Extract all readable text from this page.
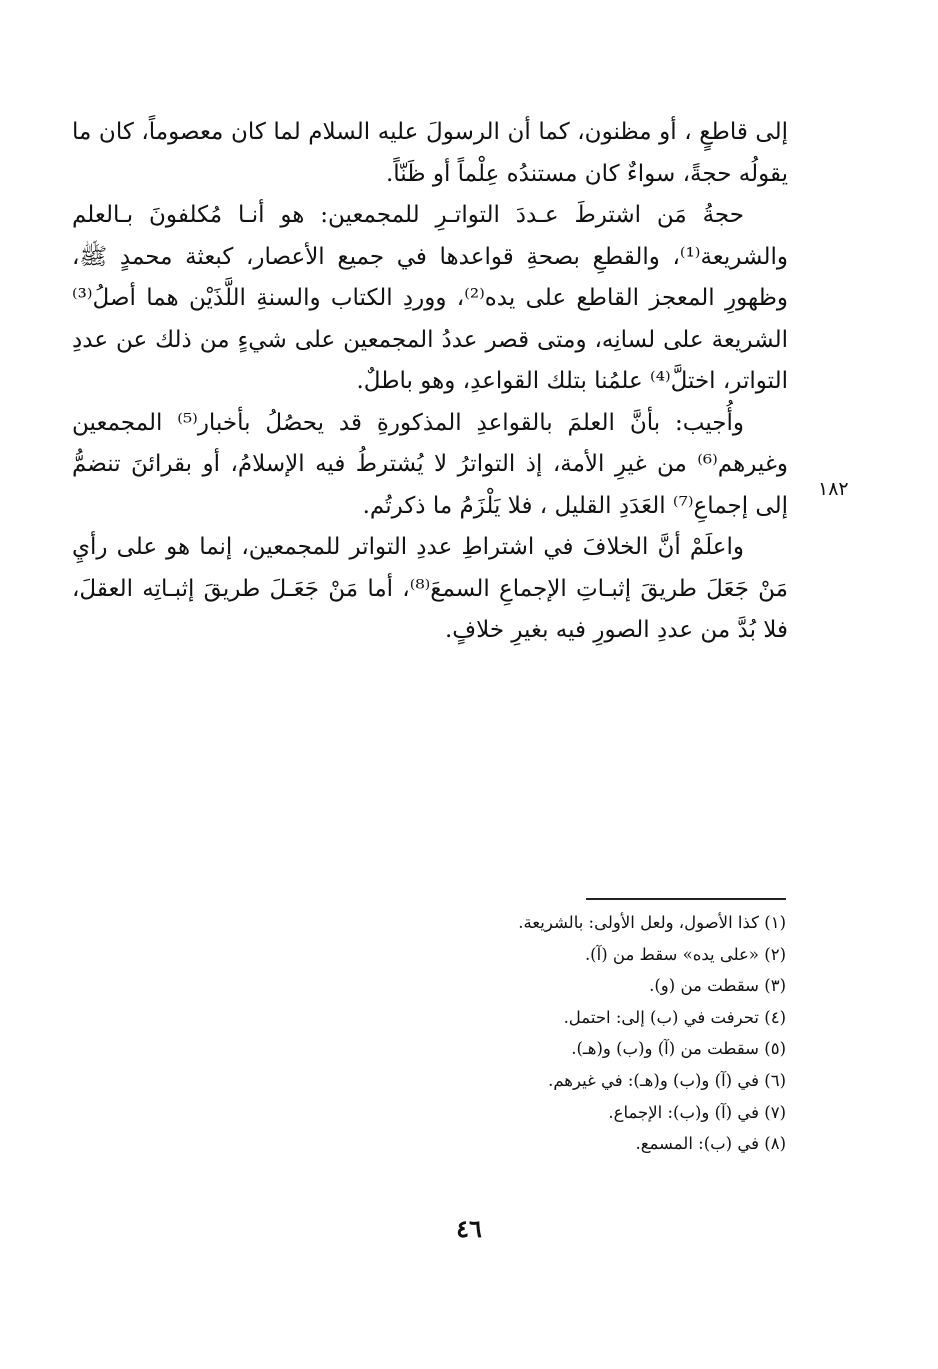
إلى قاطعٍ ، أو مظنون، كما أن الرسولَ عليه السلام لما كان معصوماً، كان ما يقولُه حجةً، سواءٌ كان مستندُه عِلْماً أو ظَنّاً.

حجةُ مَن اشترطَ عـددَ التواتـرِ للمجمعين: هو أنـا مُكلفونَ بـالعلم والشريعة⁽¹⁾، والقطعِ بصحةِ قواعدها في جميع الأعصار، كبعثة محمدٍ ﷺ، وظهورِ المعجز القاطع على يده⁽²⁾، ووردِ الكتاب والسنةِ اللَّذَيْن هما أصلُ⁽³⁾ الشريعة على لسانِه، ومتى قصر عددُ المجمعين على شيءٍ من ذلك عن عددِ التواتر، اختلَّ⁽⁴⁾ علمُنا بتلك القواعدِ، وهو باطلٌ.

وأُجيب: بأنَّ العلمَ بالقواعدِ المذكورةِ قد يحصُلُ بأخبار⁽⁵⁾ المجمعين وغيرهم⁽⁶⁾ من غيرِ الأمة، إذ التواترُ لا يُشترطُ فيه الإسلامُ، أو بقرائنَ تنضمُّ إلى إجماعِ⁽⁷⁾ العَدَدِ القليل ، فلا يَلْزَمُ ما ذكرتُم.

واعلَمْ أنَّ الخلافَ في اشتراطِ عددِ التواتر للمجمعين، إنما هو على رأيِ مَنْ جَعَلَ طريقَ إثبـاتِ الإجماعِ السمعَ⁽⁸⁾، أما مَنْ جَعَـلَ طريقَ إثبـاتِه العقلَ، فلا بُدَّ من عددِ الصورِ فيه بغيرِ خلافٍ.

١٨٢

(١) كذا الأصول، ولعل الأولى: بالشريعة.

(٢) «على يده» سقط من (آ).

(٣) سقطت من (و).

(٤) تحرفت في (ب) إلى: احتمل.

(٥) سقطت من (آ) و(ب) و(هـ).

(٦) في (آ) و(ب) و(هـ): في غيرهم.

(٧) في (آ) و(ب): الإجماع.

(٨) في (ب): المسمع.

٤٦
